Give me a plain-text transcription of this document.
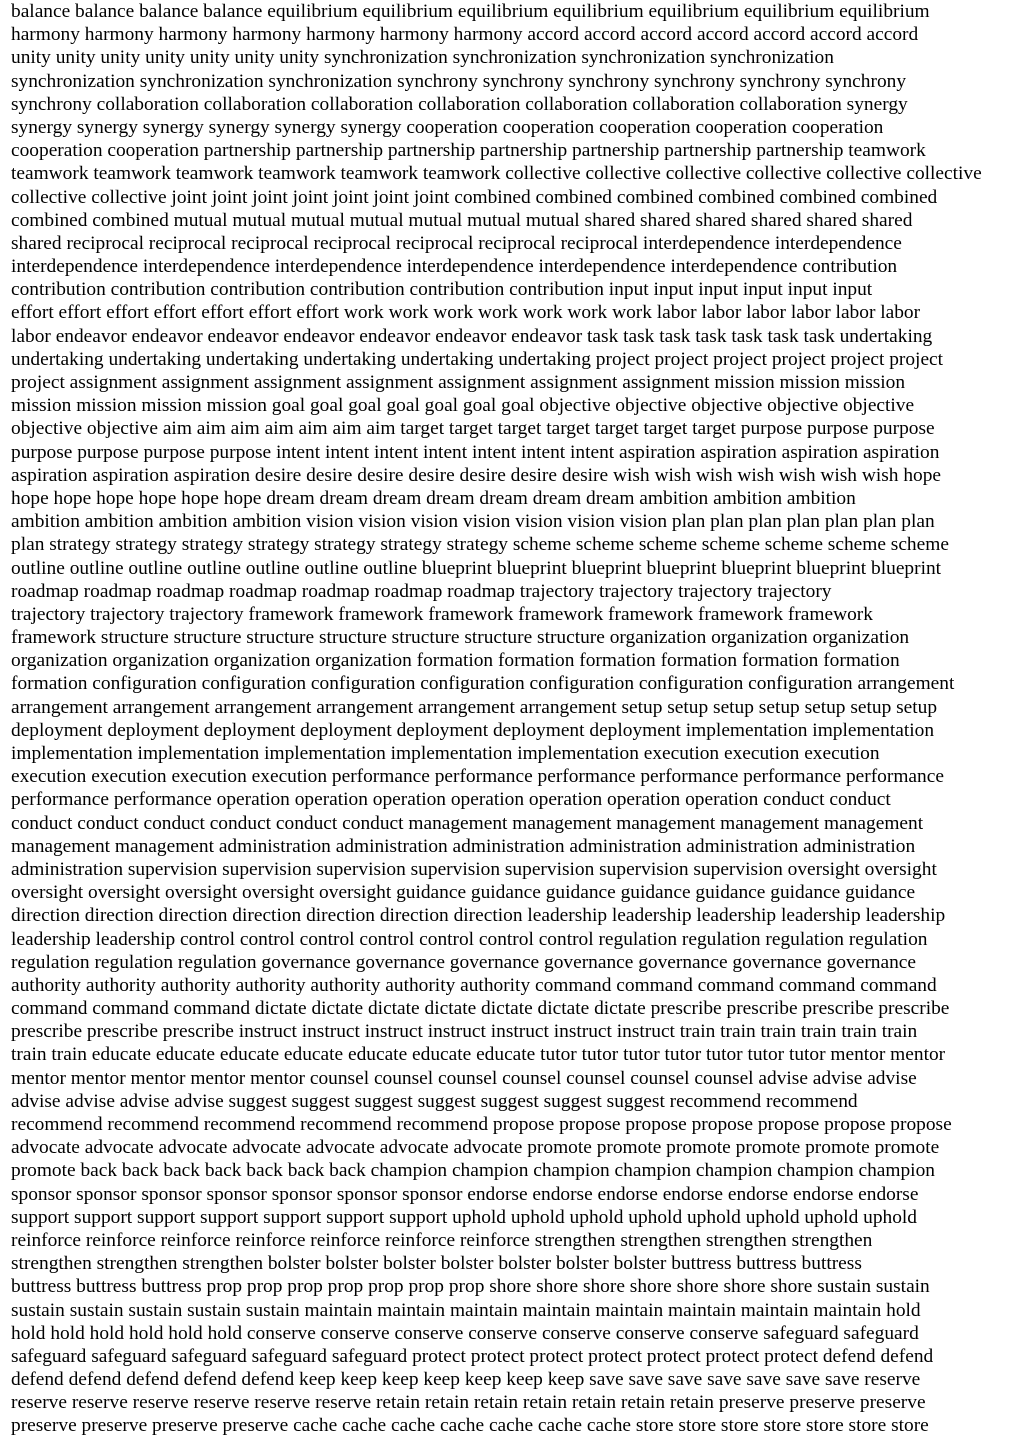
balance balance balance balance equilibrium equilibrium equilibrium equilibrium equilibrium equilibrium equilibrium
harmony harmony harmony harmony harmony harmony harmony accord accord accord accord accord accord accord
unity unity unity unity unity unity unity synchronization synchronization synchronization synchronization
synchronization synchronization synchronization synchrony synchrony synchrony synchrony synchrony synchrony
synchrony collaboration collaboration collaboration collaboration collaboration collaboration collaboration synergy
synergy synergy synergy synergy synergy synergy cooperation cooperation cooperation cooperation cooperation
cooperation cooperation partnership partnership partnership partnership partnership partnership partnership teamwork
teamwork teamwork teamwork teamwork teamwork teamwork collective collective collective collective collective collective
collective collective joint joint joint joint joint joint joint combined combined combined combined combined combined
combined combined mutual mutual mutual mutual mutual mutual mutual shared shared shared shared shared shared
shared reciprocal reciprocal reciprocal reciprocal reciprocal reciprocal reciprocal interdependence interdependence
interdependence interdependence interdependence interdependence interdependence interdependence contribution
contribution contribution contribution contribution contribution contribution input input input input input input
effort effort effort effort effort effort effort work work work work work work work labor labor labor labor labor labor
labor endeavor endeavor endeavor endeavor endeavor endeavor endeavor task task task task task task task undertaking
undertaking undertaking undertaking undertaking undertaking undertaking project project project project project project
project assignment assignment assignment assignment assignment assignment assignment mission mission mission
mission mission mission mission goal goal goal goal goal goal goal objective objective objective objective objective
objective objective aim aim aim aim aim aim aim target target target target target target target purpose purpose purpose
purpose purpose purpose purpose intent intent intent intent intent intent intent aspiration aspiration aspiration aspiration
aspiration aspiration aspiration desire desire desire desire desire desire desire wish wish wish wish wish wish wish hope
hope hope hope hope hope hope dream dream dream dream dream dream dream ambition ambition ambition
ambition ambition ambition ambition vision vision vision vision vision vision vision plan plan plan plan plan plan plan
plan strategy strategy strategy strategy strategy strategy strategy scheme scheme scheme scheme scheme scheme scheme
outline outline outline outline outline outline outline blueprint blueprint blueprint blueprint blueprint blueprint blueprint
roadmap roadmap roadmap roadmap roadmap roadmap roadmap trajectory trajectory trajectory trajectory
trajectory trajectory trajectory framework framework framework framework framework framework framework
framework structure structure structure structure structure structure structure organization organization organization
organization organization organization organization formation formation formation formation formation formation
formation configuration configuration configuration configuration configuration configuration configuration arrangement
arrangement arrangement arrangement arrangement arrangement arrangement setup setup setup setup setup setup setup
deployment deployment deployment deployment deployment deployment deployment implementation implementation
implementation implementation implementation implementation implementation execution execution execution
execution execution execution execution performance performance performance performance performance performance
performance performance operation operation operation operation operation operation operation conduct conduct
conduct conduct conduct conduct conduct conduct management management management management management
management management administration administration administration administration administration administration
administration supervision supervision supervision supervision supervision supervision supervision oversight oversight
oversight oversight oversight oversight oversight guidance guidance guidance guidance guidance guidance guidance
direction direction direction direction direction direction direction leadership leadership leadership leadership leadership
leadership leadership control control control control control control control regulation regulation regulation regulation
regulation regulation regulation governance governance governance governance governance governance governance
authority authority authority authority authority authority authority command command command command command
command command command dictate dictate dictate dictate dictate dictate dictate prescribe prescribe prescribe prescribe
prescribe prescribe prescribe instruct instruct instruct instruct instruct instruct instruct train train train train train train
train train educate educate educate educate educate educate educate tutor tutor tutor tutor tutor tutor tutor mentor mentor
mentor mentor mentor mentor mentor counsel counsel counsel counsel counsel counsel counsel advise advise advise
advise advise advise advise suggest suggest suggest suggest suggest suggest suggest recommend recommend
recommend recommend recommend recommend recommend propose propose propose propose propose propose propose
advocate advocate advocate advocate advocate advocate advocate promote promote promote promote promote promote
promote back back back back back back back champion champion champion champion champion champion champion
sponsor sponsor sponsor sponsor sponsor sponsor sponsor endorse endorse endorse endorse endorse endorse endorse
support support support support support support support uphold uphold uphold uphold uphold uphold uphold uphold
reinforce reinforce reinforce reinforce reinforce reinforce reinforce strengthen strengthen strengthen strengthen
strengthen strengthen strengthen bolster bolster bolster bolster bolster bolster bolster buttress buttress buttress
buttress buttress buttress prop prop prop prop prop prop prop shore shore shore shore shore shore shore sustain sustain
sustain sustain sustain sustain sustain maintain maintain maintain maintain maintain maintain maintain maintain hold
hold hold hold hold hold hold conserve conserve conserve conserve conserve conserve conserve safeguard safeguard
safeguard safeguard safeguard safeguard safeguard protect protect protect protect protect protect protect defend defend
defend defend defend defend defend keep keep keep keep keep keep keep save save save save save save save reserve
reserve reserve reserve reserve reserve reserve retain retain retain retain retain retain retain preserve preserve preserve
preserve preserve preserve preserve cache cache cache cache cache cache cache store store store store store store store
